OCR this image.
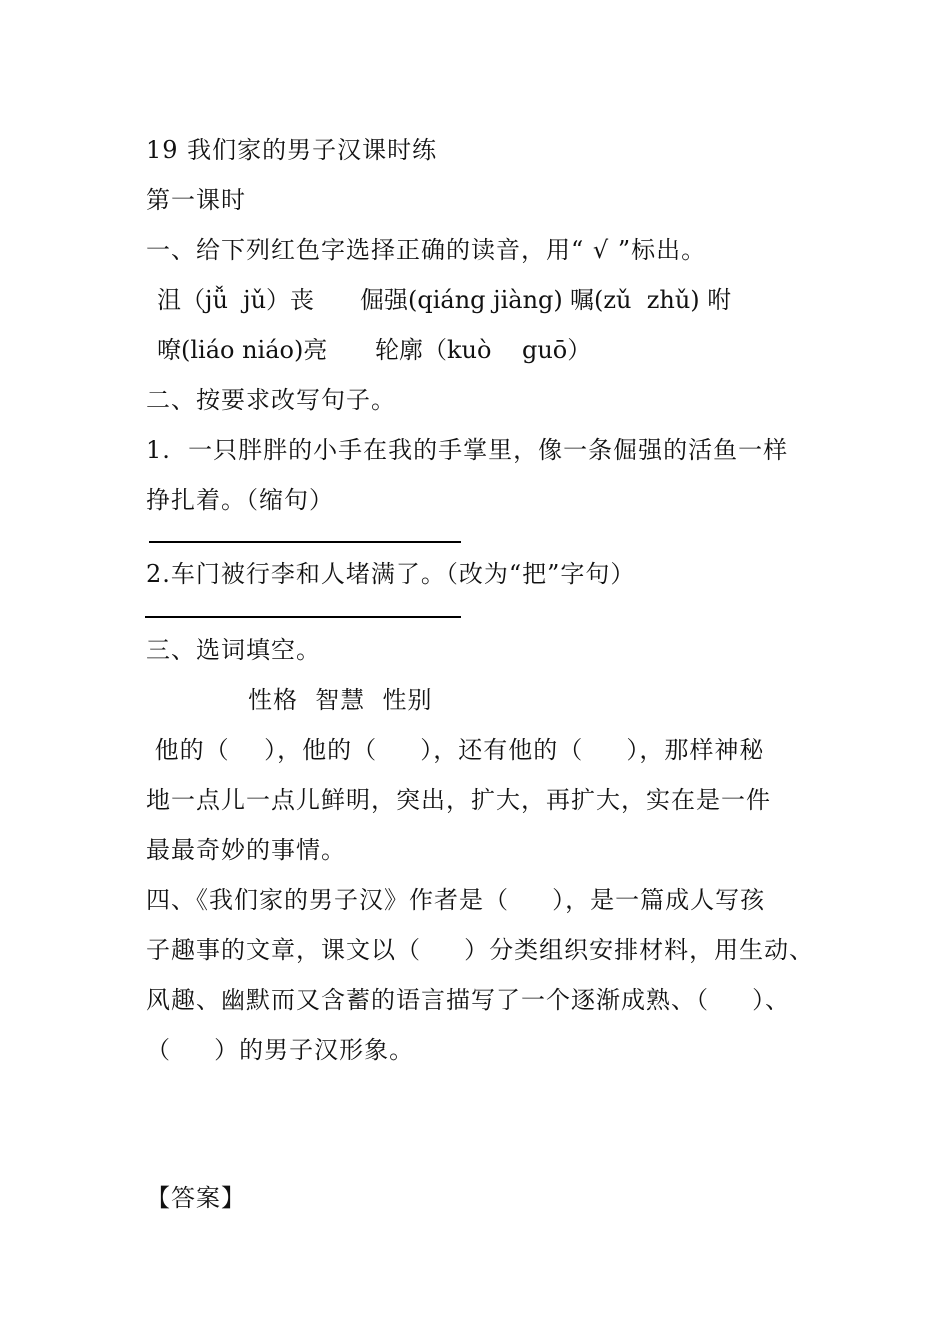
19 我们家的男子汉课时练
第一课时
一、给下列红色字选择正确的读音，用“ √ ”标出。
沮（jǚ  jǔ）丧 倔强(qiáng jiàng) 嘱(zǔ  zhǔ) 咐
嘹(liáo niáo)亮 轮廓（kuò    guō）
二、按要求改写句子。
1.  一只胖胖的小手在我的手掌里，像一条倔强的活鱼一样
挣扎着。（缩句）
2.车门被行李和人堵满了。（改为“把”字句）
三、选词填空。
性格  智慧  性别
他的（    ），他的（     ），还有他的（     ），那样神秘
地一点儿一点儿鲜明，突出，扩大，再扩大，实在是一件
最最奇妙的事情。
四、《我们家的男子汉》作者是（     ），是一篇成人写孩
子趣事的文章，课文以（     ）分类组织安排材料，用生动、
风趣、幽默而又含蓄的语言描写了一个逐渐成熟、（     ）、
（     ）的男子汉形象。
【答案】
